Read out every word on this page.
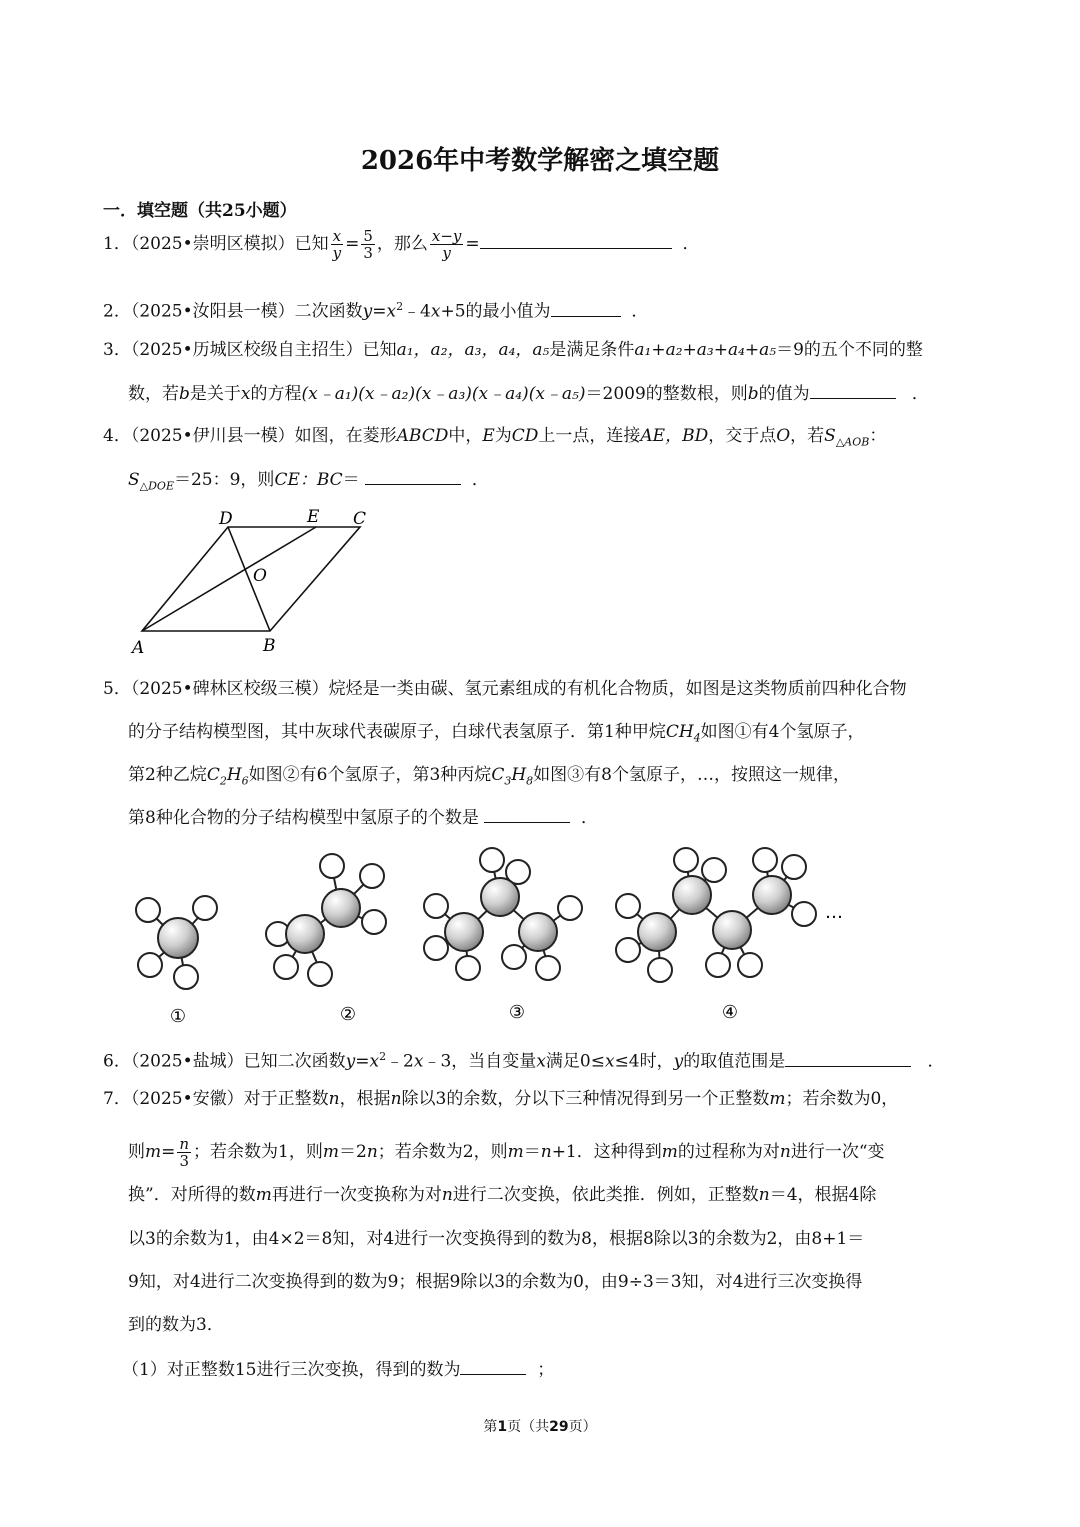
2026年中考数学解密之填空题
一．填空题（共25小题）
1．（2025•崇明区模拟）已知 $\frac{x}{y} = \frac{5}{3}$ ，那么 $\frac{x-y}{y}$ =	．
2．（2025•汝阳县一模）二次函数$y=x^2﹣4x+5$的最小值为	．
3．（2025•历城区校级自主招生）已知a₁，a₂，a₃，a₄，a₅是满足条件a₁+a₂+a₃+a₄+a₅＝9的五个不同的整
数，若b是关于x的方程(x﹣a₁)(x﹣a₂)(x﹣a₃)(x﹣a₄)(x﹣a₅)＝2009的整数根，则b的值为	．
4．（2025•伊川县一模）如图，在菱形ABCD中，E为CD上一点，连接AE，BD，交于点O，若$S_{\triangle AOB}$：
$S_{\triangle DOE}=25$：9，则CE：BC＝	．
A	B
C
D	E
O
5．（2025•碑林区校级三模）烷烃是一类由碳、氢元素组成的有机化合物质，如图是这类物质前四种化合物
的分子结构模型图，其中灰球代表碳原子，白球代表氢原子．第1种甲烷$CH_4$如图①有4个氢原子，
第2种乙烷$C_2H_6$如图②有6个氢原子，第3种丙烷$C_3H_8$如图③有8个氢原子，…，按照这一规律，
第8种化合物的分子结构模型中氢原子的个数是	．
…
①	②	③	④
6．（2025•盐城）已知二次函数$y=x^2﹣2x﹣3$，当自变量x满足0≤x≤4时，y的取值范围是	．
7．（2025•安徽）对于正整数n，根据n除以3的余数，分以下三种情况得到另一个正整数m；若余数为0，
则$m= \frac{n}{3}$ ；若余数为1，则m＝2n；若余数为2，则m＝n+1．这种得到m的过程称为对n进行一次“变
换”．对所得的数m再进行一次变换称为对n进行二次变换，依此类推．例如，正整数n＝4，根据4除
以3的余数为1，由4×2＝8知，对4进行一次变换得到的数为8，根据8除以3的余数为2，由8+1＝
9知，对4进行二次变换得到的数为9；根据9除以3的余数为0，由9÷3＝3知，对4进行三次变换得
到的数为3．
（1）对正整数15进行三次变换，得到的数为	；
第1页（共29页）
